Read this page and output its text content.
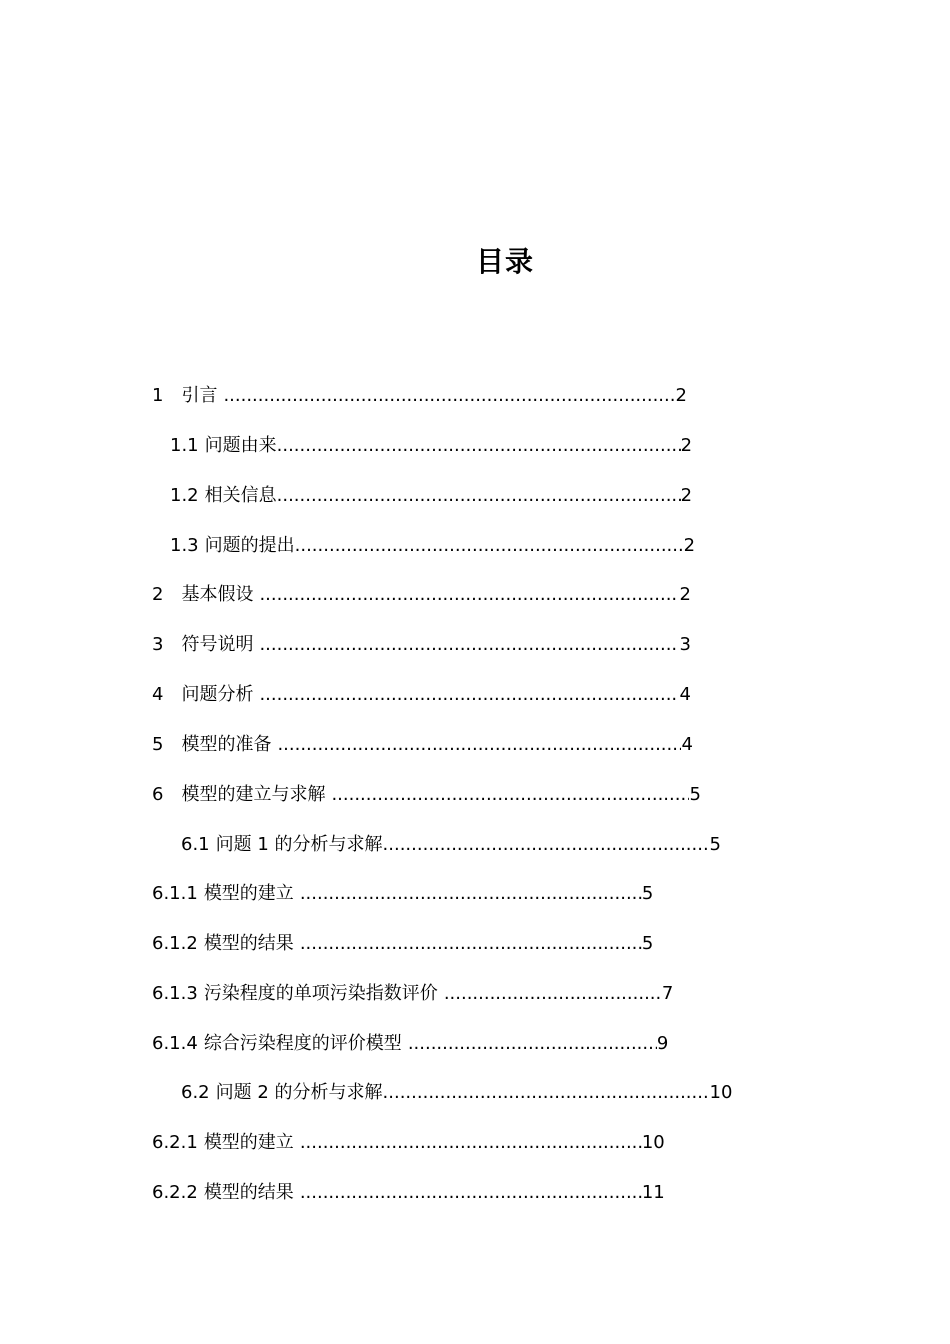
目录
1 引言 .....	2
1.1 问题由来 .....	2
1.2 相关信息 .....	2
1.3 问题的提出 .....	2
2 基本假设 .....	2
3 符号说明 .....	3
4 问题分析 .....	4
5 模型的准备 .....	4
6 模型的建立与求解 .....	5
6.1 问题 1 的分析与求解 .....	5
6.1.1 模型的建立 .....	5
6.1.2 模型的结果 .....	5
6.1.3 污染程度的单项污染指数评价 .....	7
6.1.4 综合污染程度的评价模型 .....	9
6.2 问题 2 的分析与求解 .....	10
6.2.1 模型的建立 .....	10
6.2.2 模型的结果 .....	11
